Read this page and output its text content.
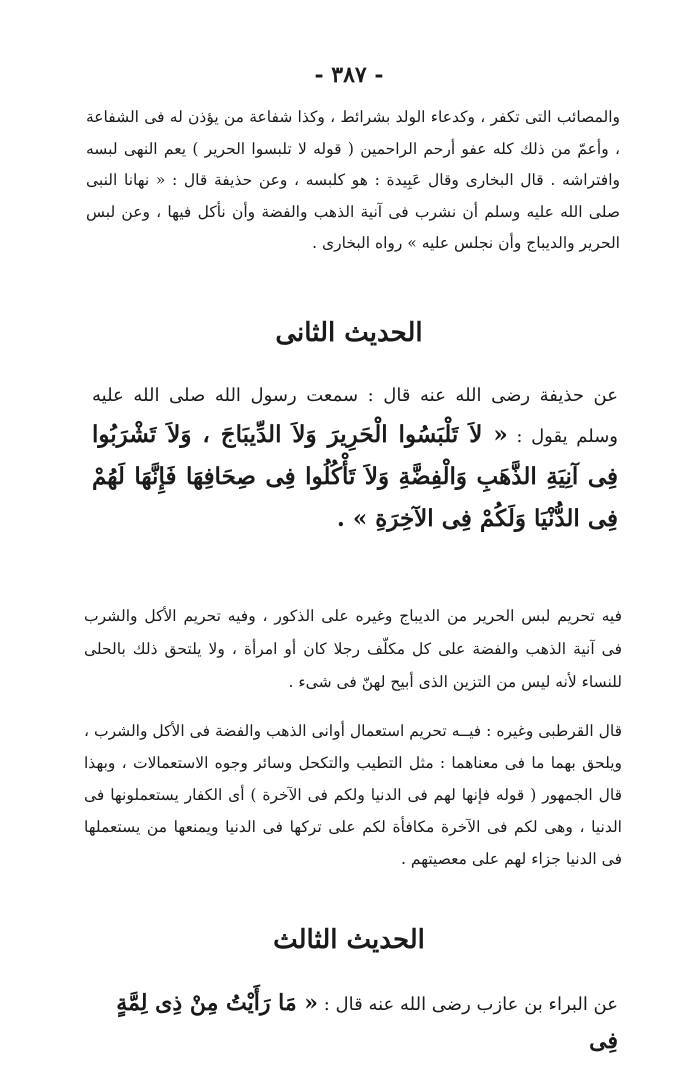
- ٣٨٧ -

والمصائب التى تكفر ، وكدعاء الولد بشرائط ، وكذا شفاعة من يؤذن له فى الشفاعة ، وأعمّ من ذلك كله عفو أرحم الراحمين ( قوله لا تلبسوا الحرير ) يعم النهى لبسه وافتراشه . قال البخارى وقال عَبِيدة : هو كلبسه ، وعن حذيفة قال : « نهانا النبى صلى الله عليه وسلم أن نشرب فى آنية الذهب والفضة وأن نأكل فيها ، وعن لبس الحرير والديباج وأن نجلس عليه » رواه البخارى .

الحديث الثانى

عن حذيفة رضى الله عنه قال : سمعت رسول الله صلى الله عليه وسلم يقول : « لاَ تَلْبَسُوا الْحَرِيرَ وَلاَ الدِّيبَاجَ ، وَلاَ تَشْرَبُوا فِى آنِيَةِ الذَّهَبِ وَالْفِضَّةِ وَلاَ تَأْكُلُوا فِى صِحَافِهَا فَإِنَّهَا لَهُمْ فِى الدُّنْيَا وَلَكُمْ فِى الآخِرَةِ » .

فيه تحريم لبس الحرير من الديباج وغيره على الذكور ، وفيه تحريم الأكل والشرب فى آنية الذهب والفضة على كل مكلّف رجلا كان أو امرأة ، ولا يلتحق ذلك بالحلى للنساء لأنه ليس من التزين الذى أبيح لهنّ فى شىء .

قال القرطبى وغيره : فيــه تحريم استعمال أوانى الذهب والفضة فى الأكل والشرب ، ويلحق بهما ما فى معناهما : مثل التطيب والتكحل وسائر وجوه الاستعمالات ، وبهذا قال الجمهور ( قوله فإنها لهم فى الدنيا ولكم فى الآخرة ) أى الكفار يستعملونها فى الدنيا ، وهى لكم فى الآخرة مكافأة لكم على تركها فى الدنيا ويمنعها من يستعملها فى الدنيا جزاء لهم على معصيتهم .

الحديث الثالث

عن البراء بن عازب رضى الله عنه قال : « مَا رَأَيْتُ مِنْ ذِى لِمَّةٍ فِى
